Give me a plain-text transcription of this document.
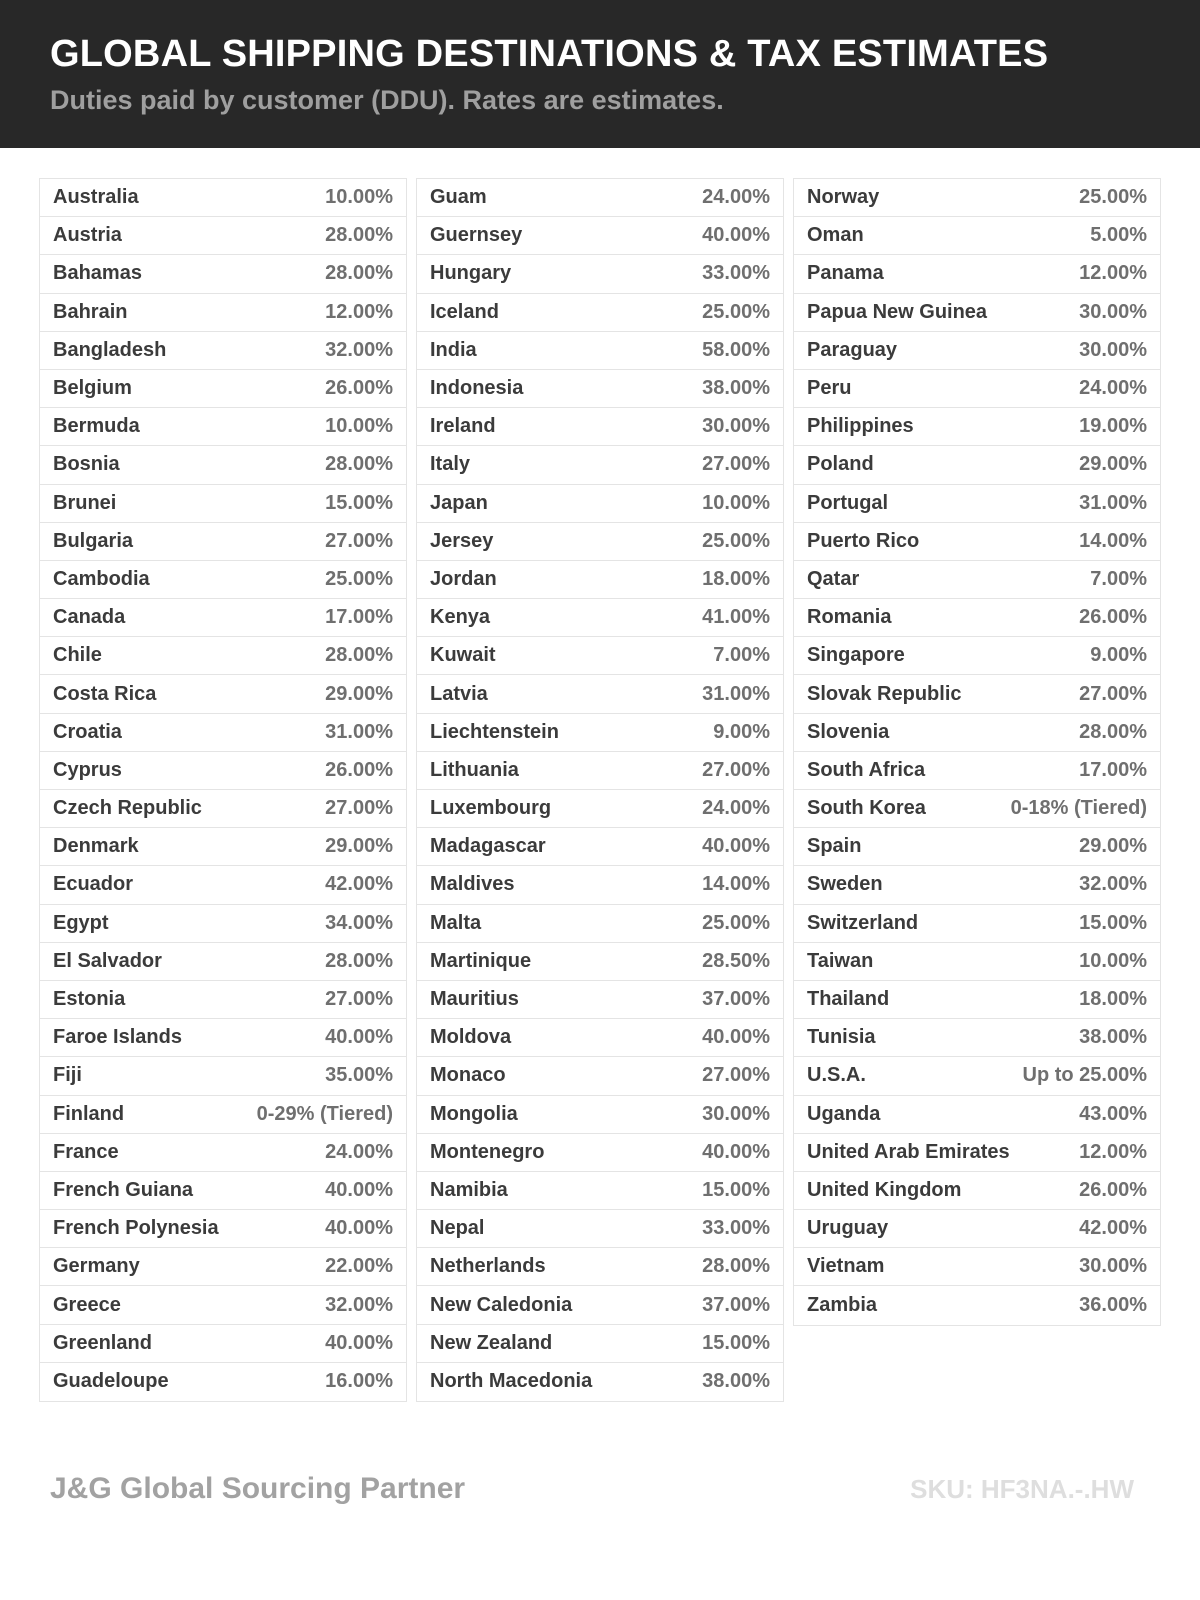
GLOBAL SHIPPING DESTINATIONS & TAX ESTIMATES
Duties paid by customer (DDU). Rates are estimates.
Australia	10.00%
Austria	28.00%
Bahamas	28.00%
Bahrain	12.00%
Bangladesh	32.00%
Belgium	26.00%
Bermuda	10.00%
Bosnia	28.00%
Brunei	15.00%
Bulgaria	27.00%
Cambodia	25.00%
Canada	17.00%
Chile	28.00%
Costa Rica	29.00%
Croatia	31.00%
Cyprus	26.00%
Czech Republic	27.00%
Denmark	29.00%
Ecuador	42.00%
Egypt	34.00%
El Salvador	28.00%
Estonia	27.00%
Faroe Islands	40.00%
Fiji	35.00%
Finland	0-29% (Tiered)
France	24.00%
French Guiana	40.00%
French Polynesia	40.00%
Germany	22.00%
Greece	32.00%
Greenland	40.00%
Guadeloupe	16.00%
Guam	24.00%
Guernsey	40.00%
Hungary	33.00%
Iceland	25.00%
India	58.00%
Indonesia	38.00%
Ireland	30.00%
Italy	27.00%
Japan	10.00%
Jersey	25.00%
Jordan	18.00%
Kenya	41.00%
Kuwait	7.00%
Latvia	31.00%
Liechtenstein	9.00%
Lithuania	27.00%
Luxembourg	24.00%
Madagascar	40.00%
Maldives	14.00%
Malta	25.00%
Martinique	28.50%
Mauritius	37.00%
Moldova	40.00%
Monaco	27.00%
Mongolia	30.00%
Montenegro	40.00%
Namibia	15.00%
Nepal	33.00%
Netherlands	28.00%
New Caledonia	37.00%
New Zealand	15.00%
North Macedonia	38.00%
Norway	25.00%
Oman	5.00%
Panama	12.00%
Papua New Guinea	30.00%
Paraguay	30.00%
Peru	24.00%
Philippines	19.00%
Poland	29.00%
Portugal	31.00%
Puerto Rico	14.00%
Qatar	7.00%
Romania	26.00%
Singapore	9.00%
Slovak Republic	27.00%
Slovenia	28.00%
South Africa	17.00%
South Korea	0-18% (Tiered)
Spain	29.00%
Sweden	32.00%
Switzerland	15.00%
Taiwan	10.00%
Thailand	18.00%
Tunisia	38.00%
U.S.A.	Up to 25.00%
Uganda	43.00%
United Arab Emirates	12.00%
United Kingdom	26.00%
Uruguay	42.00%
Vietnam	30.00%
Zambia	36.00%
J&G Global Sourcing Partner	SKU: HF3NA.-.HW
